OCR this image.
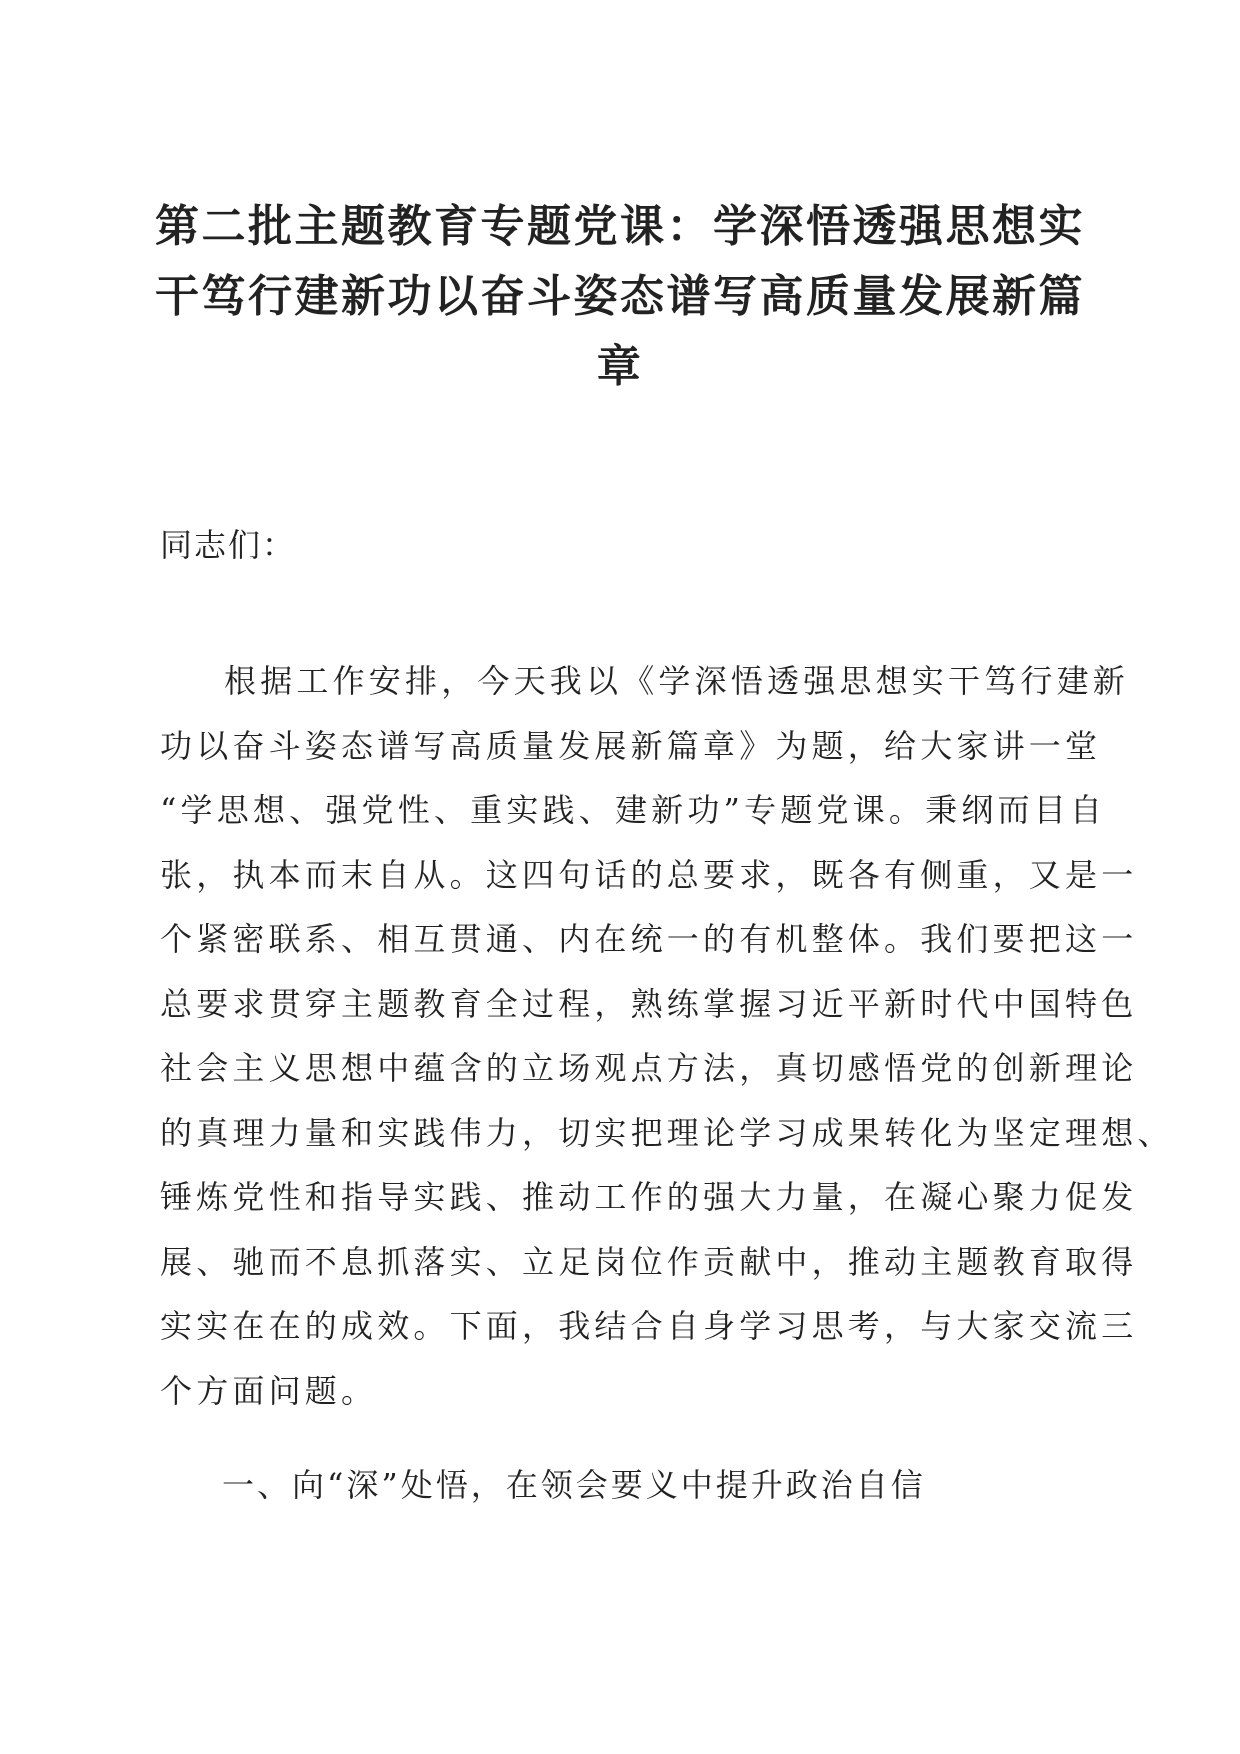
第二批主题教育专题党课：学深悟透强思想实
干笃行建新功以奋斗姿态谱写高质量发展新篇
章
同志们：
根据工作安排，今天我以《学深悟透强思想实干笃行建新
功以奋斗姿态谱写高质量发展新篇章》为题，给大家讲一堂
“学思想、强党性、重实践、建新功”专题党课。秉纲而目自
张，执本而末自从。这四句话的总要求，既各有侧重，又是一
个紧密联系、相互贯通、内在统一的有机整体。我们要把这一
总要求贯穿主题教育全过程，熟练掌握习近平新时代中国特色
社会主义思想中蕴含的立场观点方法，真切感悟党的创新理论
的真理力量和实践伟力，切实把理论学习成果转化为坚定理想、
锤炼党性和指导实践、推动工作的强大力量，在凝心聚力促发
展、驰而不息抓落实、立足岗位作贡献中，推动主题教育取得
实实在在的成效。下面，我结合自身学习思考，与大家交流三
个方面问题。
一、向“深”处悟，在领会要义中提升政治自信
